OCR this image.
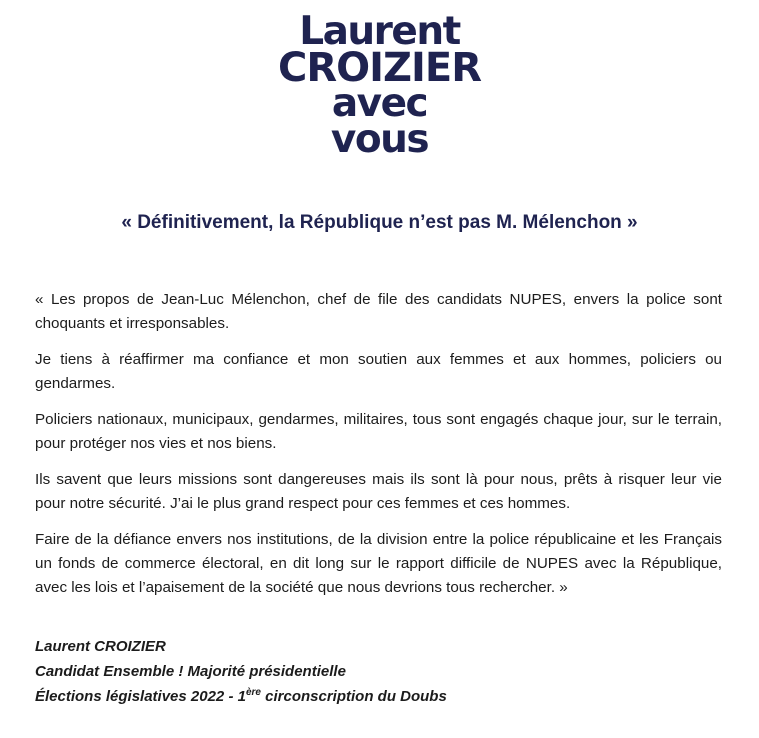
Laurent
CROIZIER
avec
vous
« Définitivement, la République n’est pas M. Mélenchon »

« Les propos de Jean-Luc Mélenchon, chef de file des candidats NUPES, envers la police sont choquants et irresponsables.

Je tiens à réaffirmer ma confiance et mon soutien aux femmes et aux hommes, policiers ou gendarmes.

Policiers nationaux, municipaux, gendarmes, militaires, tous sont engagés chaque jour, sur le terrain, pour protéger nos vies et nos biens.

Ils savent que leurs missions sont dangereuses mais ils sont là pour nous, prêts à risquer leur vie pour notre sécurité. J’ai le plus grand respect pour ces femmes et ces hommes.

Faire de la défiance envers nos institutions, de la division entre la police républicaine et les Français un fonds de commerce électoral, en dit long sur le rapport difficile de NUPES avec la République, avec les lois et l’apaisement de la société que nous devrions tous rechercher. »

Laurent CROIZIER
Candidat Ensemble ! Majorité présidentielle
Élections législatives 2022 - 1ère circonscription du Doubs
